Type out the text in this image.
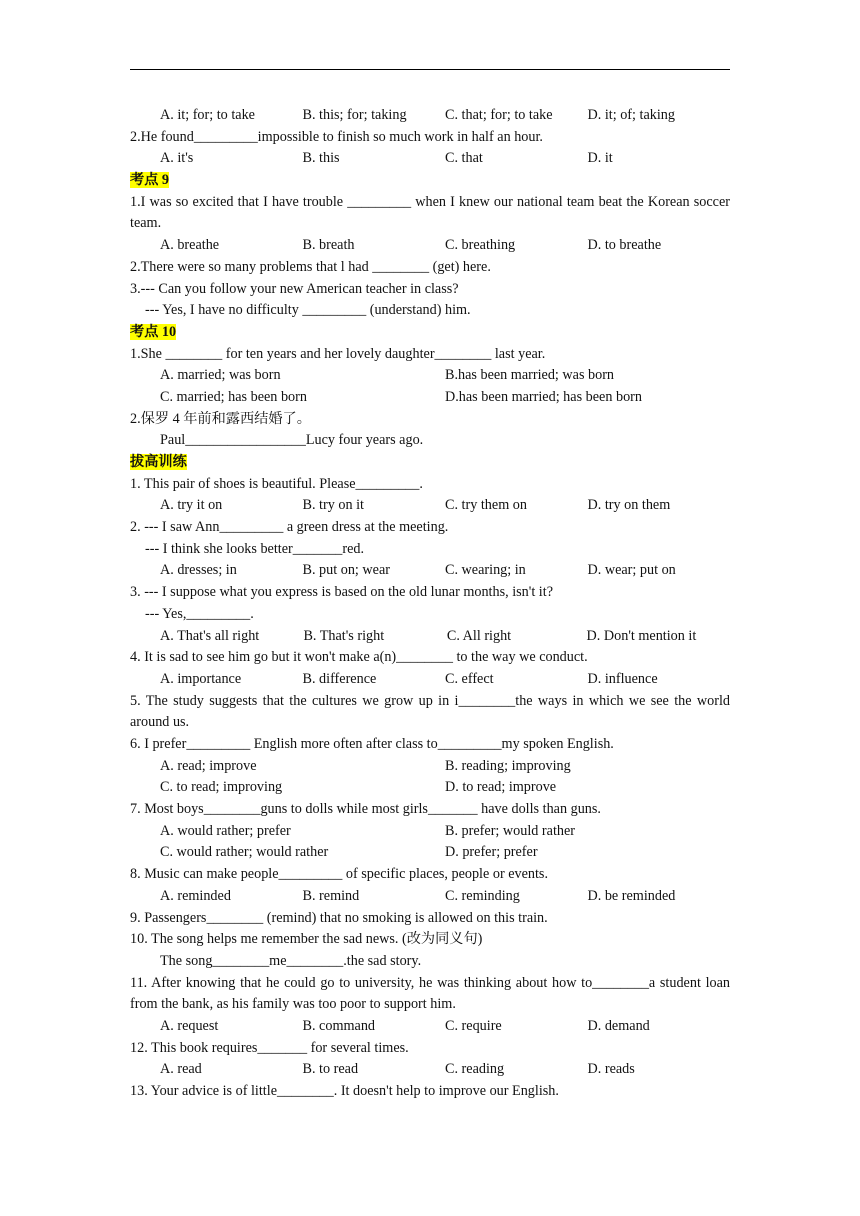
A. it; for; to take	B. this; for; taking	C. that; for; to take	D. it; of; taking
2.He found_________impossible to finish so much work in half an hour.
A. it's	B. this	C. that	D. it
考点 9
1.I was so excited that I have trouble _________ when I knew our national team beat the Korean soccer team.
A. breathe	B. breath	C. breathing	D. to breathe
2.There were so many problems that l had ________ (get) here.
3.--- Can you follow your new American teacher in class?
--- Yes, I have no difficulty _________ (understand) him.
考点 10
1.She ________ for ten years and her lovely daughter________ last year.
A. married; was born	B.has been married; was born
C. married; has been born	D.has been married; has been born
2.保罗 4 年前和露西结婚了。
Paul_________________Lucy four years ago.
拔高训练
1. This pair of shoes is beautiful. Please_________.
A. try it on	B. try on it	C. try them on	D. try on them
2. --- I saw Ann_________ a green dress at the meeting.
--- I think she looks better_______red.
A. dresses; in	B. put on; wear	C. wearing; in	D. wear; put on
3. --- I suppose what you express is based on the old lunar months, isn't it?
--- Yes,_________.
A. That's all right	B. That's right	C. All right	D. Don't mention it
4. It is sad to see him go but it won't make a(n)________ to the way we conduct.
A. importance	B. difference	C. effect	D. influence
5. The study suggests that the cultures we grow up in i________the ways in which we see the world around us.
6. I prefer_________ English more often after class to_________my spoken English.
A. read; improve	B. reading; improving
C. to read; improving	D. to read; improve
7. Most boys________guns to dolls while most girls_______ have dolls than guns.
A. would rather; prefer	B. prefer; would rather
C. would rather; would rather	D. prefer; prefer
8. Music can make people_________ of specific places, people or events.
A. reminded	B. remind	C. reminding	D. be reminded
9. Passengers________ (remind) that no smoking is allowed on this train.
10. The song helps me remember the sad news. (改为同义句)
The song________me________.the sad story.
11. After knowing that he could go to university, he was thinking about how to________a student loan from the bank, as his family was too poor to support him.
A. request	B. command	C. require	D. demand
12. This book requires_______ for several times.
A. read	B. to read	C. reading	D. reads
13. Your advice is of little________. It doesn't help to improve our English.
